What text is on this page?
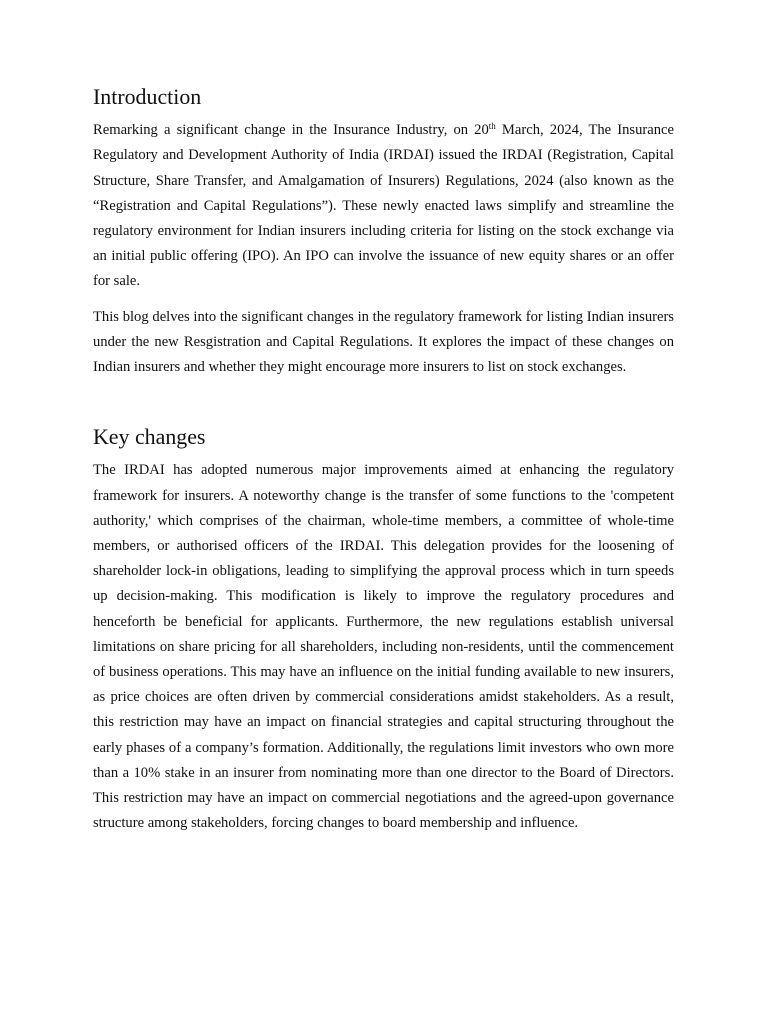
Introduction

Remarking a significant change in the Insurance Industry, on 20th March, 2024, The Insurance Regulatory and Development Authority of India (IRDAI) issued the IRDAI (Registration, Capital Structure, Share Transfer, and Amalgamation of Insurers) Regulations, 2024 (also known as the “Registration and Capital Regulations”). These newly enacted laws simplify and streamline the regulatory environment for Indian insurers including criteria for listing on the stock exchange via an initial public offering (IPO). An IPO can involve the issuance of new equity shares or an offer for sale.

This blog delves into the significant changes in the regulatory framework for listing Indian insurers under the new Resgistration and Capital Regulations. It explores the impact of these changes on Indian insurers and whether they might encourage more insurers to list on stock exchanges.

Key changes

The IRDAI has adopted numerous major improvements aimed at enhancing the regulatory framework for insurers. A noteworthy change is the transfer of some functions to the 'competent authority,' which comprises of the chairman, whole-time members, a committee of whole-time members, or authorised officers of the IRDAI. This delegation provides for the loosening of shareholder lock-in obligations, leading to simplifying the approval process which in turn speeds up decision-making. This modification is likely to improve the regulatory procedures and henceforth be beneficial for applicants. Furthermore, the new regulations establish universal limitations on share pricing for all shareholders, including non-residents, until the commencement of business operations. This may have an influence on the initial funding available to new insurers, as price choices are often driven by commercial considerations amidst stakeholders. As a result, this restriction may have an impact on financial strategies and capital structuring throughout the early phases of a company’s formation. Additionally, the regulations limit investors who own more than a 10% stake in an insurer from nominating more than one director to the Board of Directors. This restriction may have an impact on commercial negotiations and the agreed-upon governance structure among stakeholders, forcing changes to board membership and influence.
